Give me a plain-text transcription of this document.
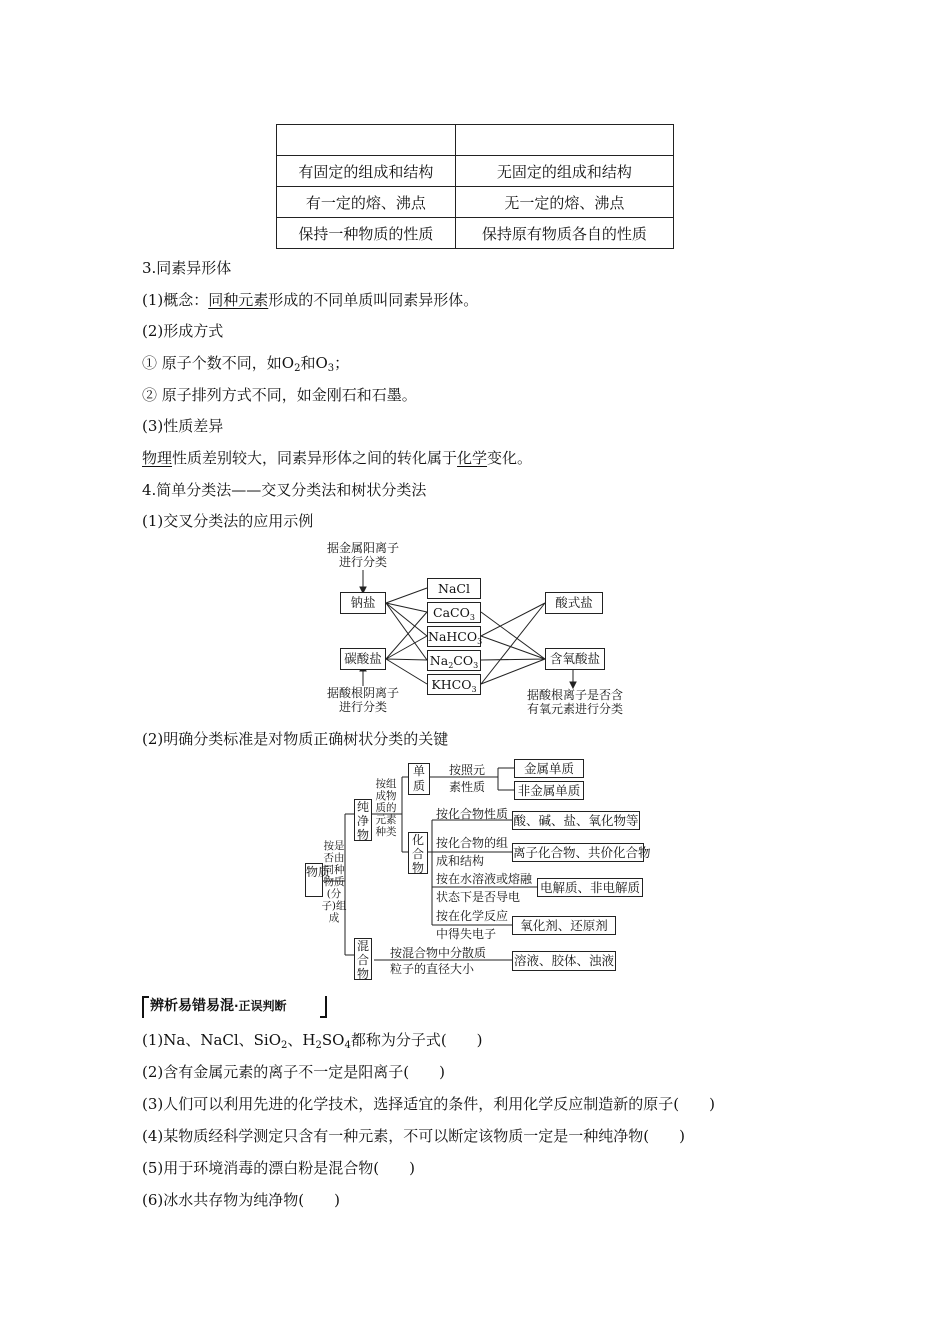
有固定的组成和结构	无固定的组成和结构
有一定的熔、沸点	无一定的熔、沸点
保持一种物质的性质	保持原有物质各自的性质
3.同素异形体
(1)概念：同种元素形成的不同单质叫同素异形体。
(2)形成方式
① 原子个数不同，如$O_2$和$O_3$；
② 原子排列方式不同，如金刚石和石墨。
(3)性质差异
物理性质差别较大，同素异形体之间的转化属于化学变化。
4.简单分类法——交叉分类法和树状分类法
(1)交叉分类法的应用示例
据金属阳离子
进行分类
钠盐
碳酸盐
据酸根阴离子
进行分类
NaCl
CaCO$_3$
NaHCO$_3$
$Na_2CO_3$
$KHCO_3$
酸式盐
含氧酸盐
据酸根离子是否含
有氧元素进行分类
(2)明确分类标准是对物质正确树状分类的关键
物质
按是否由同种物质(分子)组成
纯净物
按组成物质的元素种类
混合物
单质
按照元
素性质
金属单质
非金属单质
化合物
按化合物性质 酸、碱、盐、氧化物等
按化合物的组
成和结构
离子化合物、共价化合物
按在水溶液或熔融
状态下是否导电
电解质、非电解质
按在化学反应
中得失电子
氧化剂、还原剂
按混合物中分散质
粒子的直径大小
溶液、胶体、浊液
辨析易错易混·正误判断
(1)Na、NaCl、SiO$_2$、$H_2SO_4$都称为分子式(　　)
(2)含有金属元素的离子不一定是阳离子(　　)
(3)人们可以利用先进的化学技术，选择适宜的条件，利用化学反应制造新的原子(　　)
(4)某物质经科学测定只含有一种元素，不可以断定该物质一定是一种纯净物(　　)
(5)用于环境消毒的漂白粉是混合物(　　)
(6)冰水共存物为纯净物(　　)
